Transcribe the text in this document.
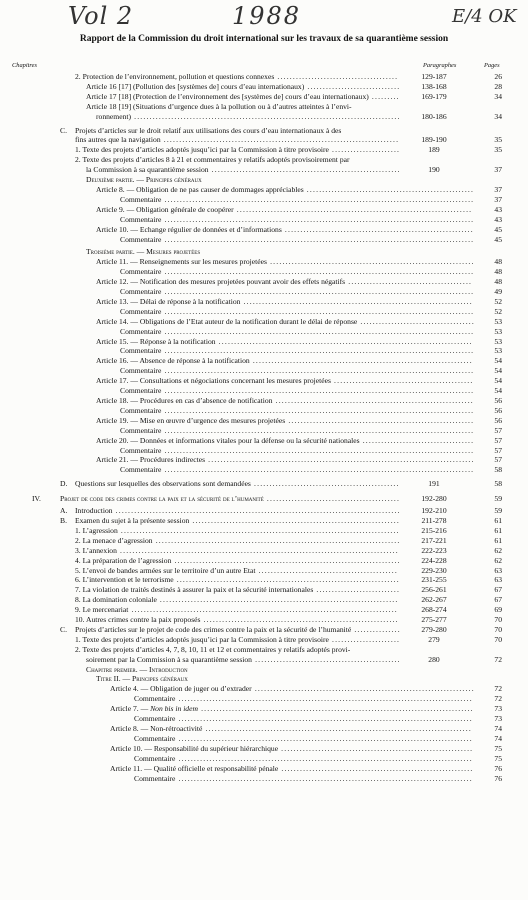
Vol 2	1988	E/4 OK
Rapport de la Commission du droit international sur les travaux de sa quarantième session
Chapitres	Paragraphes	Pages
2. Protection de l’environnement, pollution et questions connexes .......................................	129-187	26
Article 16 [17] (Pollution des [systèmes de] cours d’eau internationaux) ..............................	138-168	28
Article 17 [18] (Protection de l’environnement des [systèmes de] cours d’eau internationaux) .........	169-179	34
Article 18 [19] (Situations d’urgence dues à la pollution ou à d’autres atteintes à l’envi-
ronnement) ......................................................................................	180-186	34
C. Projets d’articles sur le droit relatif aux utilisations des cours d’eau internationaux à des
fins autres que la navigation ............................................................................	189-190	35
1. Texte des projets d’articles adoptés jusqu’ici par la Commission à titre provisoire ......................	189	35
2. Texte des projets d’articles 8 à 21 et commentaires y relatifs adoptés provisoirement par
la Commission à sa quarantième session .............................................................	190	37
Deuxième partie. — Principes généraux
Article 8. — Obligation de ne pas causer de dommages appréciables ......................................................	37
Commentaire ....................................................................................................	37
Article 9. — Obligation générale de coopérer ............................................................................	43
Commentaire ....................................................................................................	43
Article 10. — Echange régulier de données et d’informations .............................................................	45
Commentaire ....................................................................................................	45
Troisième partie. — Mesures projetées
Article 11. — Renseignements sur les mesures projetées ..................................................................	48
Commentaire ....................................................................................................	48
Article 12. — Notification des mesures projetées pouvant avoir des effets négatifs ........................................	48
Commentaire ....................................................................................................	49
Article 13. — Délai de réponse à la notification ..........................................................................	52
Commentaire ....................................................................................................	52
Article 14. — Obligations de l’Etat auteur de la notification durant le délai de réponse .....................................	53
Commentaire ....................................................................................................	53
Article 15. — Réponse à la notification ..................................................................................	53
Commentaire ....................................................................................................	53
Article 16. — Absence de réponse à la notification .......................................................................	54
Commentaire ....................................................................................................	54
Article 17. — Consultations et négociations concernant les mesures projetées .............................................	54
Commentaire ....................................................................................................	54
Article 18. — Procédures en cas d’absence de notification ................................................................	56
Commentaire ....................................................................................................	56
Article 19. — Mise en œuvre d’urgence des mesures projetées ............................................................	56
Commentaire ....................................................................................................	57
Article 20. — Données et informations vitales pour la défense ou la sécurité nationales ....................................	57
Commentaire ....................................................................................................	57
Article 21. — Procédures indirectes ......................................................................................	57
Commentaire ....................................................................................................	58
D. Questions sur lesquelles des observations sont demandées ...............................................	191	58
IV.	Projet de code des crimes contre la paix et la sécurité de l’humanité ...........................................	192-280	59
A. Introduction ............................................................................................	192-210	59
B. Examen du sujet à la présente session ...................................................................	211-278	61
1. L’agression ..........................................................................................	215-216	61
2. La menace d’agression ...............................................................................	217-221	61
3. L’annexion ..........................................................................................	222-223	62
4. La préparation de l’agression .........................................................................	224-228	62
5. L’envoi de bandes armées sur le territoire d’un autre Etat .............................................	229-230	63
6. L’intervention et le terrorisme ........................................................................	231-255	63
7. La violation de traités destinés à assurer la paix et la sécurité internationales ...........................	256-261	67
8. La domination coloniale .............................................................................	262-267	67
9. Le mercenariat ......................................................................................	268-274	69
10. Autres crimes contre la paix proposés ...............................................................	275-277	70
C. Projets d’articles sur le projet de code des crimes contre la paix et la sécurité de l’humanité ...............	279-280	70
1. Texte des projets d’articles adoptés jusqu’ici par la Commission à titre provisoire ......................	279	70
2. Texte des projets d’articles 4, 7, 8, 10, 11 et 12 et commentaires y relatifs adoptés provi-
soirement par la Commission à sa quarantième session ...............................................	280	72
Chapitre premier. — Introduction
Titre II. — Principes généraux
Article 4. — Obligation de juger ou d’extrader .......................................................................	72
Commentaire ...............................................................................................	72
Article 7. — Non bis in idem ........................................................................................	73
Commentaire ...............................................................................................	73
Article 8. — Non-rétroactivité ......................................................................................	74
Commentaire ...............................................................................................	74
Article 10. — Responsabilité du supérieur hiérarchique ..............................................................	75
Commentaire ...............................................................................................	75
Article 11. — Qualité officielle et responsabilité pénale ..............................................................	76
Commentaire ...............................................................................................	76
